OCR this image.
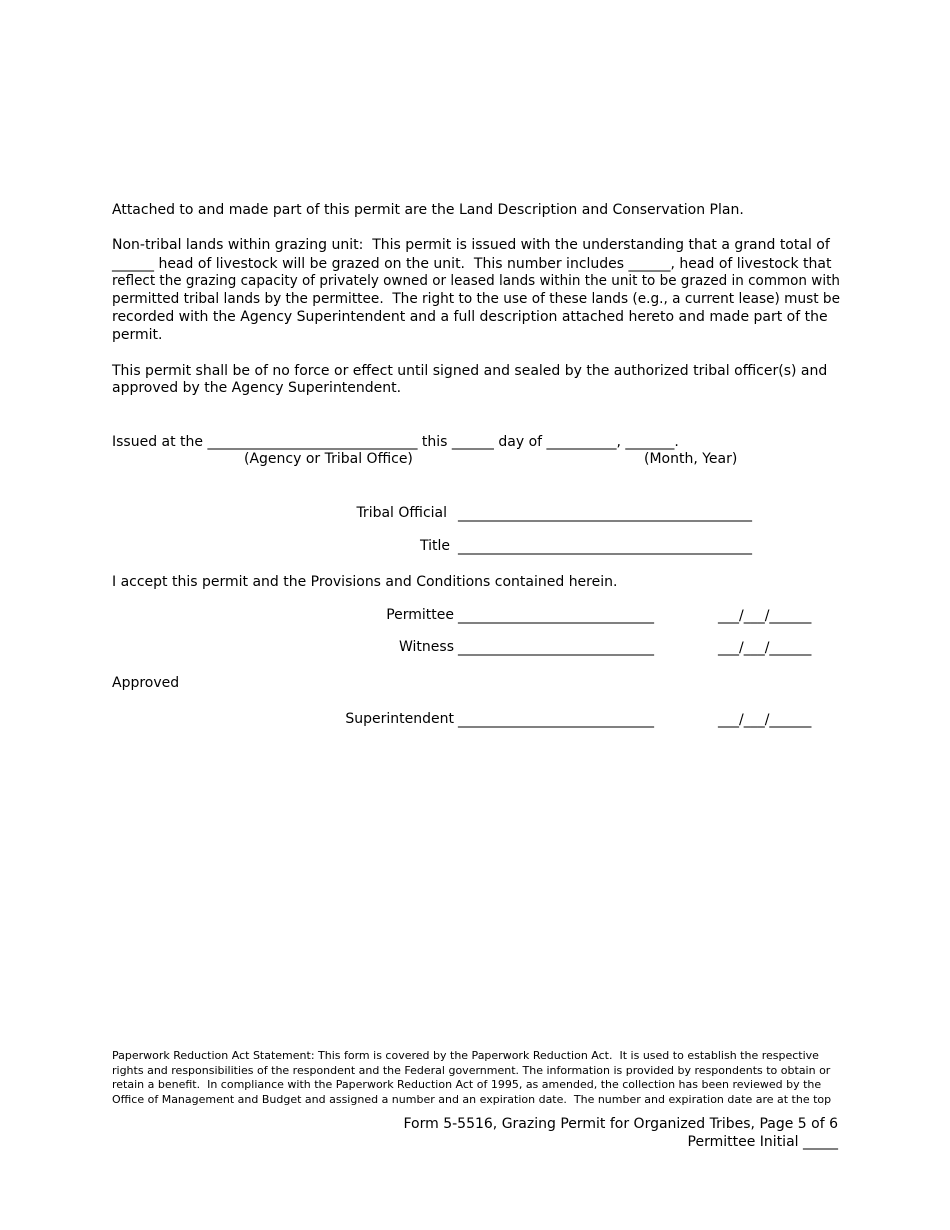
Attached to and made part of this permit are the Land Description and Conservation Plan.
Non-tribal lands within grazing unit:  This permit is issued with the understanding that a grand total of
______ head of livestock will be grazed on the unit.  This number includes ______, head of livestock that
reflect the grazing capacity of privately owned or leased lands within the unit to be grazed in common with
permitted tribal lands by the permittee.  The right to the use of these lands (e.g., a current lease) must be
recorded with the Agency Superintendent and a full description attached hereto and made part of the
permit.
This permit shall be of no force or effect until signed and sealed by the authorized tribal officer(s) and
approved by the Agency Superintendent.
Issued at the ______________________________ this ______ day of __________, _______.
(Agency or Tribal Office)	(Month, Year)
Tribal Official __________________________________________
Title __________________________________________
I accept this permit and the Provisions and Conditions contained herein.
Permittee ____________________________	___/___/______
Witness ____________________________	___/___/______
Approved
Superintendent ____________________________	___/___/______
Paperwork Reduction Act Statement: This form is covered by the Paperwork Reduction Act.  It is used to establish the respective
rights and responsibilities of the respondent and the Federal government. The information is provided by respondents to obtain or
retain a benefit.  In compliance with the Paperwork Reduction Act of 1995, as amended, the collection has been reviewed by the
Office of Management and Budget and assigned a number and an expiration date.  The number and expiration date are at the top
Form 5-5516, Grazing Permit for Organized Tribes, Page 5 of 6
Permittee Initial _____
